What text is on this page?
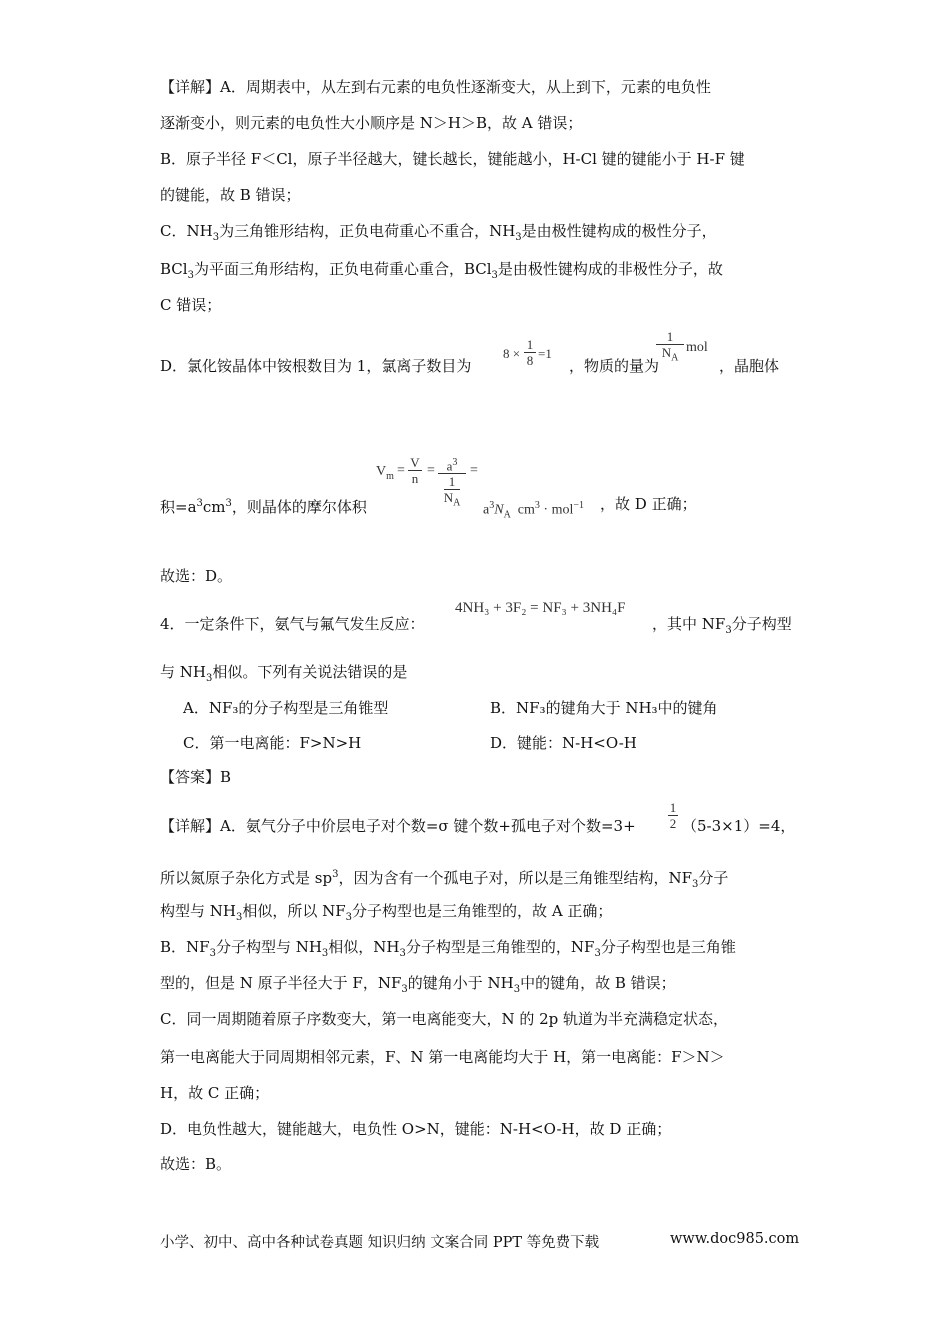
【详解】A．周期表中，从左到右元素的电负性逐渐变大，从上到下，元素的电负性
逐渐变小，则元素的电负性大小顺序是 N＞H＞B，故 A 错误；
B．原子半径 F＜Cl，原子半径越大，键长越长，键能越小，H-Cl 键的键能小于 H-F 键
的键能，故 B 错误；
C．$NH_3$为三角锥形结构，正负电荷重心不重合，$NH_3$是由极性键构成的极性分子，
BCl$_3$为平面三角形结构，正负电荷重心重合，BCl$_3$是由极性键构成的非极性分子，故
C 错误；
D．氯化铵晶体中铵根数目为 1，氯离子数目为
8 ×
1
8 =1
，物质的量为
1
$N_A$
mol
，晶胞体
积$=a^3cm^3$，则晶体的摩尔体积
$V_m$ =
V
n
= $a^3$
1
$N_A$
=
$a^3N_A$ $cm^3 \cdot mol^{-1}$ ，故 D 正确；
故选：D。
4．一定条件下，氨气与氟气发生反应：
4NH₃ + 3F₂ = NF₃ + 3NH₄F
，其中 $NF_3$分子构型
与 $NH_3$相似。下列有关说法错误的是
A．NF₃的分子构型是三角锥型	B．NF₃的键角大于 NH₃中的键角
C．第一电离能：F>N>H	D．键能：N-H<O-H
【答案】B
【详解】A．氨气分子中价层电子对个数=σ 键个数+孤电子对个数=3+
1
2 （5-3×1）=4，
所以氮原子杂化方式是 $sp^3$，因为含有一个孤电子对，所以是三角锥型结构，$NF_3$分子
构型与 $NH_3$相似，所以 $NF_3$分子构型也是三角锥型的，故 A 正确；
B．$NF_3$分子构型与 $NH_3$相似，$NH_3$分子构型是三角锥型的，$NF_3$分子构型也是三角锥
型的，但是 N 原子半径大于 F，$NF_3$的键角小于 $NH_3$中的键角，故 B 错误；
C．同一周期随着原子序数变大，第一电离能变大，N 的 2p 轨道为半充满稳定状态，
第一电离能大于同周期相邻元素，F、N 第一电离能均大于 H，第一电离能：F＞N＞
H，故 C 正确；
D．电负性越大，键能越大，电负性 O>N，键能：N-H<O-H，故 D 正确；
故选：B。
小学、初中、高中各种试卷真题 知识归纳 文案合同 PPT 等免费下载	www.doc985.com
